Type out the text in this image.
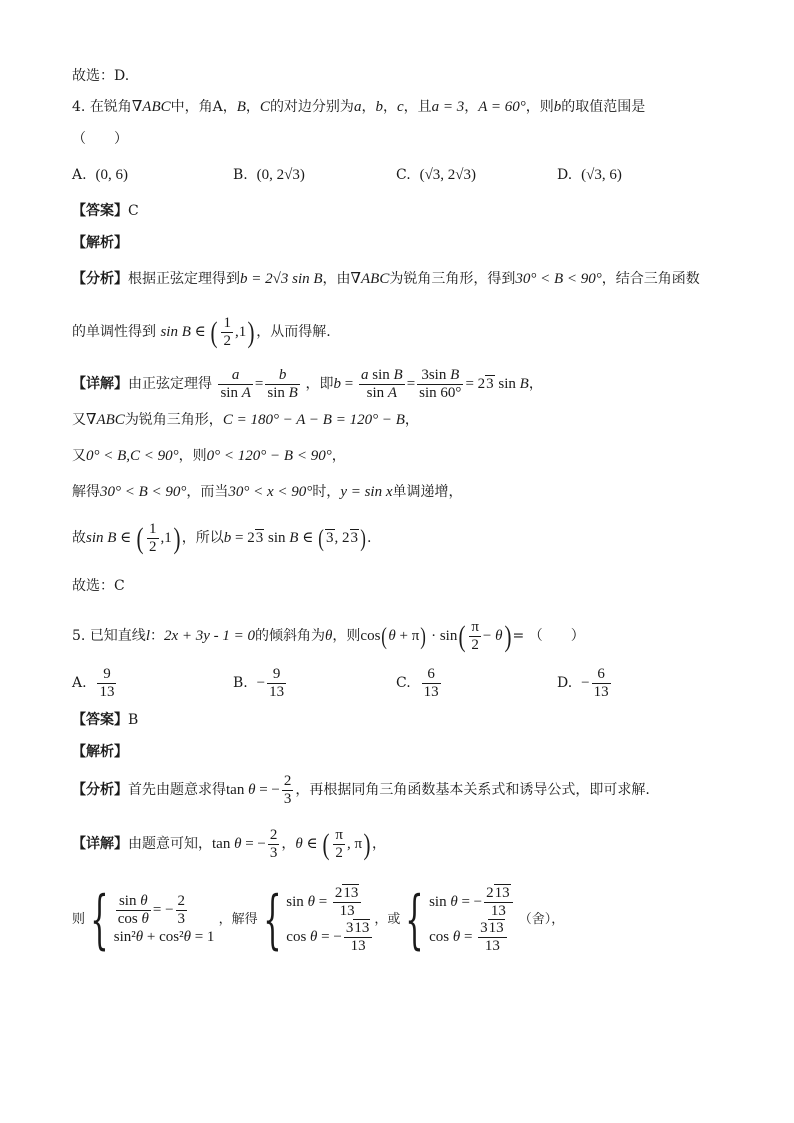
故选：D.
4. 在锐角∇ABC中，角A，B，C的对边分别为a，b，c，且a = 3，A = 60°，则b的取值范围是
（　　）
A. (0, 6)	B. (0, 2√3)	C. (√3, 2√3)	D. (√3, 6)
【答案】C
【解析】
【分析】根据正弦定理得到b = 2√3 sin B，由∇ABC为锐角三角形，得到30° < B < 90°，结合三角函数
的单调性得到 sin B ∈ ( $\frac{1}{2} ,1$) ，从而得解.
【详解】由正弦定理得 $\frac{a}{\text{sin A}} = \frac{b}{\text{sin B}}$ ，即$b = \frac{\text{a sin B}}{\text{sin A}} = \frac{\text{3sin B}}{\sin 60^\circ} = 23$ sin B，
又∇ABC为锐角三角形，C = 180° − A − B = 120° − B，
又0° < B,C < 90°，则0° < 120° − B < 90°，
解得30° < B < 90°，而当30° < x < 90°时，y = sin x单调递增，
故sin B ∈ ( $\frac{1}{2} ,1$) ，所以b = 23 sin B ∈ ( 3, 23).
故选：C
5. 已知直线l：2x + 3y - 1 = 0的倾斜角为θ，则$\cos(\theta + \pi) \cdot \sin( \frac{\pi}{2} - \theta)$ = （　　）
A. $\frac{9}{13}$	B. − $\frac{9}{13}$	C. $\frac{6}{13}$	D. − $\frac{6}{13}$
【答案】B
【解析】
【分析】首先由题意求得tan θ = − $\frac{2}{3}$ ，再根据同角三角函数基本关系式和诱导公式，即可求解.
【详解】由题意可知，tan θ = − $\frac{2}{3}$ ，θ ∈ ( $\frac{\pi}{2}$ , π) ，
则{ $\frac{\text{sin θ}}{\text{cos θ}}$ = − $\frac{2}{3}$
sin²θ + cos²θ = 1
，解得{ $\sin \theta = \frac{213}{13}$
cos θ = − $\frac{313}{13}$ ，或{ sin θ = − $\frac{213}{13}$
$\cos \theta = \frac{313}{13}$ （舍），
